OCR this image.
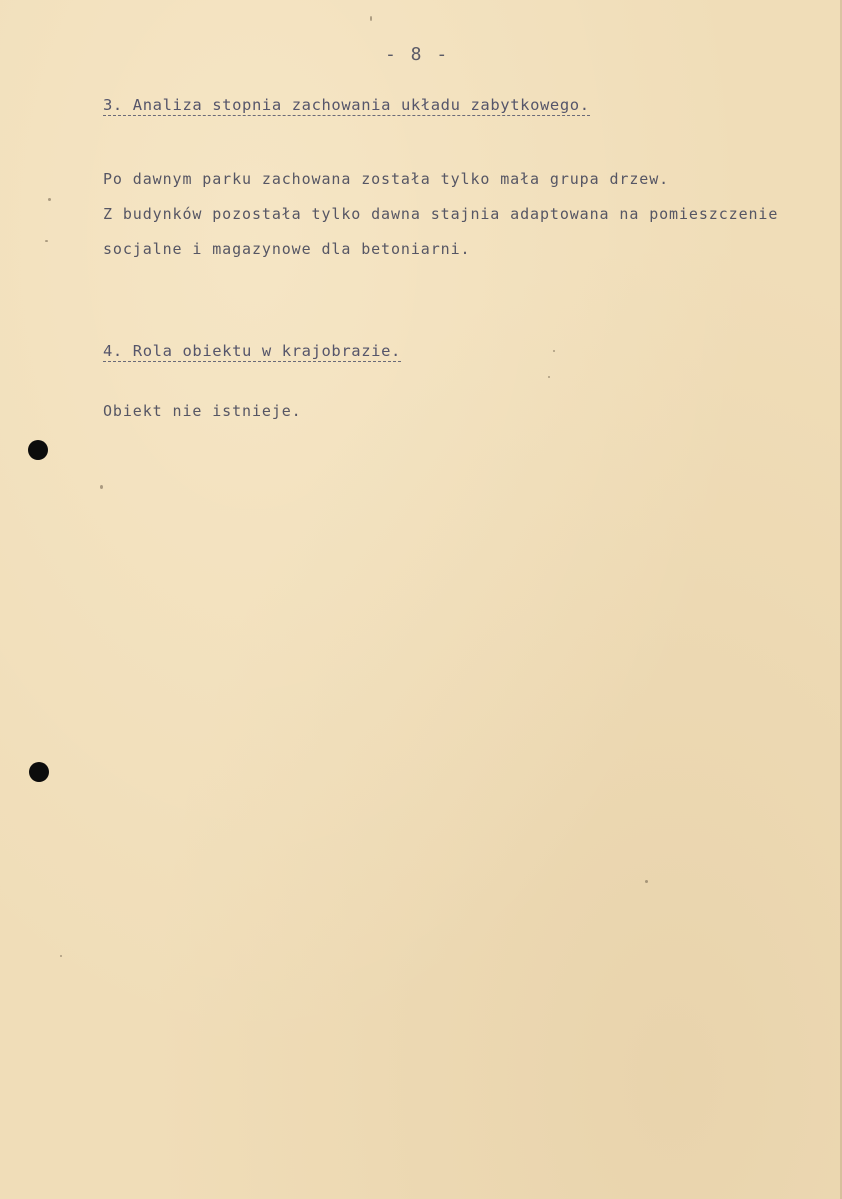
- 8 -
3. Analiza stopnia zachowania układu zabytkowego.
Po dawnym parku zachowana została tylko mała grupa drzew.
Z budynków pozostała tylko dawna stajnia adaptowana na pomieszczenie
socjalne i magazynowe dla betoniarni.
4. Rola obiektu w krajobrazie.
Obiekt nie istnieje.
